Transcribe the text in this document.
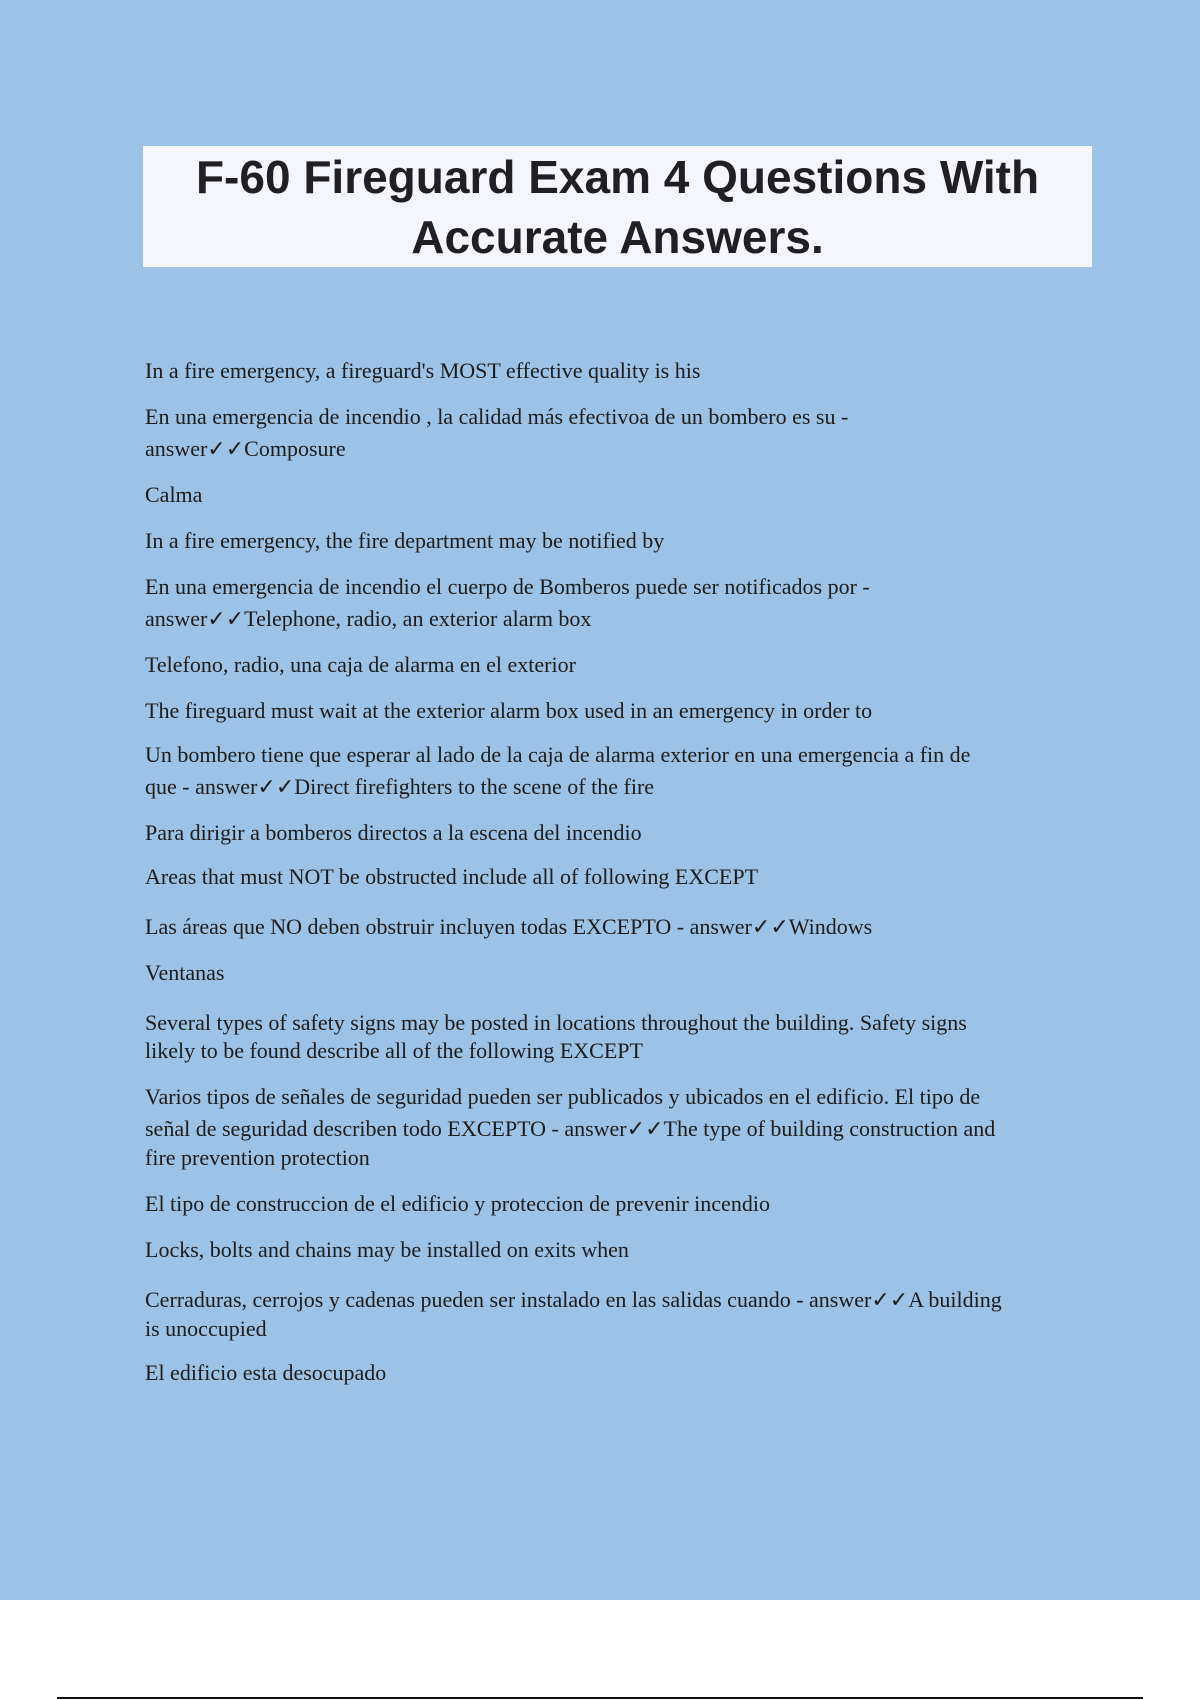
F-60 Fireguard Exam 4 Questions With Accurate Answers.

In a fire emergency, a fireguard's MOST effective quality is his

En una emergencia de incendio , la calidad más efectivoa de un bombero es su -

answer✓✓Composure

Calma

In a fire emergency, the fire department may be notified by

En una emergencia de incendio el cuerpo de Bomberos puede ser notificados por -

answer✓✓Telephone, radio, an exterior alarm box

Telefono, radio, una caja de alarma en el exterior

The fireguard must wait at the exterior alarm box used in an emergency in order to

Un bombero tiene que esperar al lado de la caja de alarma exterior en una emergencia a fin de

que - answer✓✓Direct firefighters to the scene of the fire

Para dirigir a bomberos directos a la escena del incendio

Areas that must NOT be obstructed include all of following EXCEPT

Las áreas que NO deben obstruir incluyen todas EXCEPTO - answer✓✓Windows

Ventanas

Several types of safety signs may be posted in locations throughout the building. Safety signs

likely to be found describe all of the following EXCEPT

Varios tipos de señales de seguridad pueden ser publicados y ubicados en el edificio. El tipo de

señal de seguridad describen todo EXCEPTO - answer✓✓The type of building construction and

fire prevention protection

El tipo de construccion de el edificio y proteccion de prevenir incendio

Locks, bolts and chains may be installed on exits when

Cerraduras, cerrojos y cadenas pueden ser instalado en las salidas cuando - answer✓✓A building

is unoccupied

El edificio esta desocupado
